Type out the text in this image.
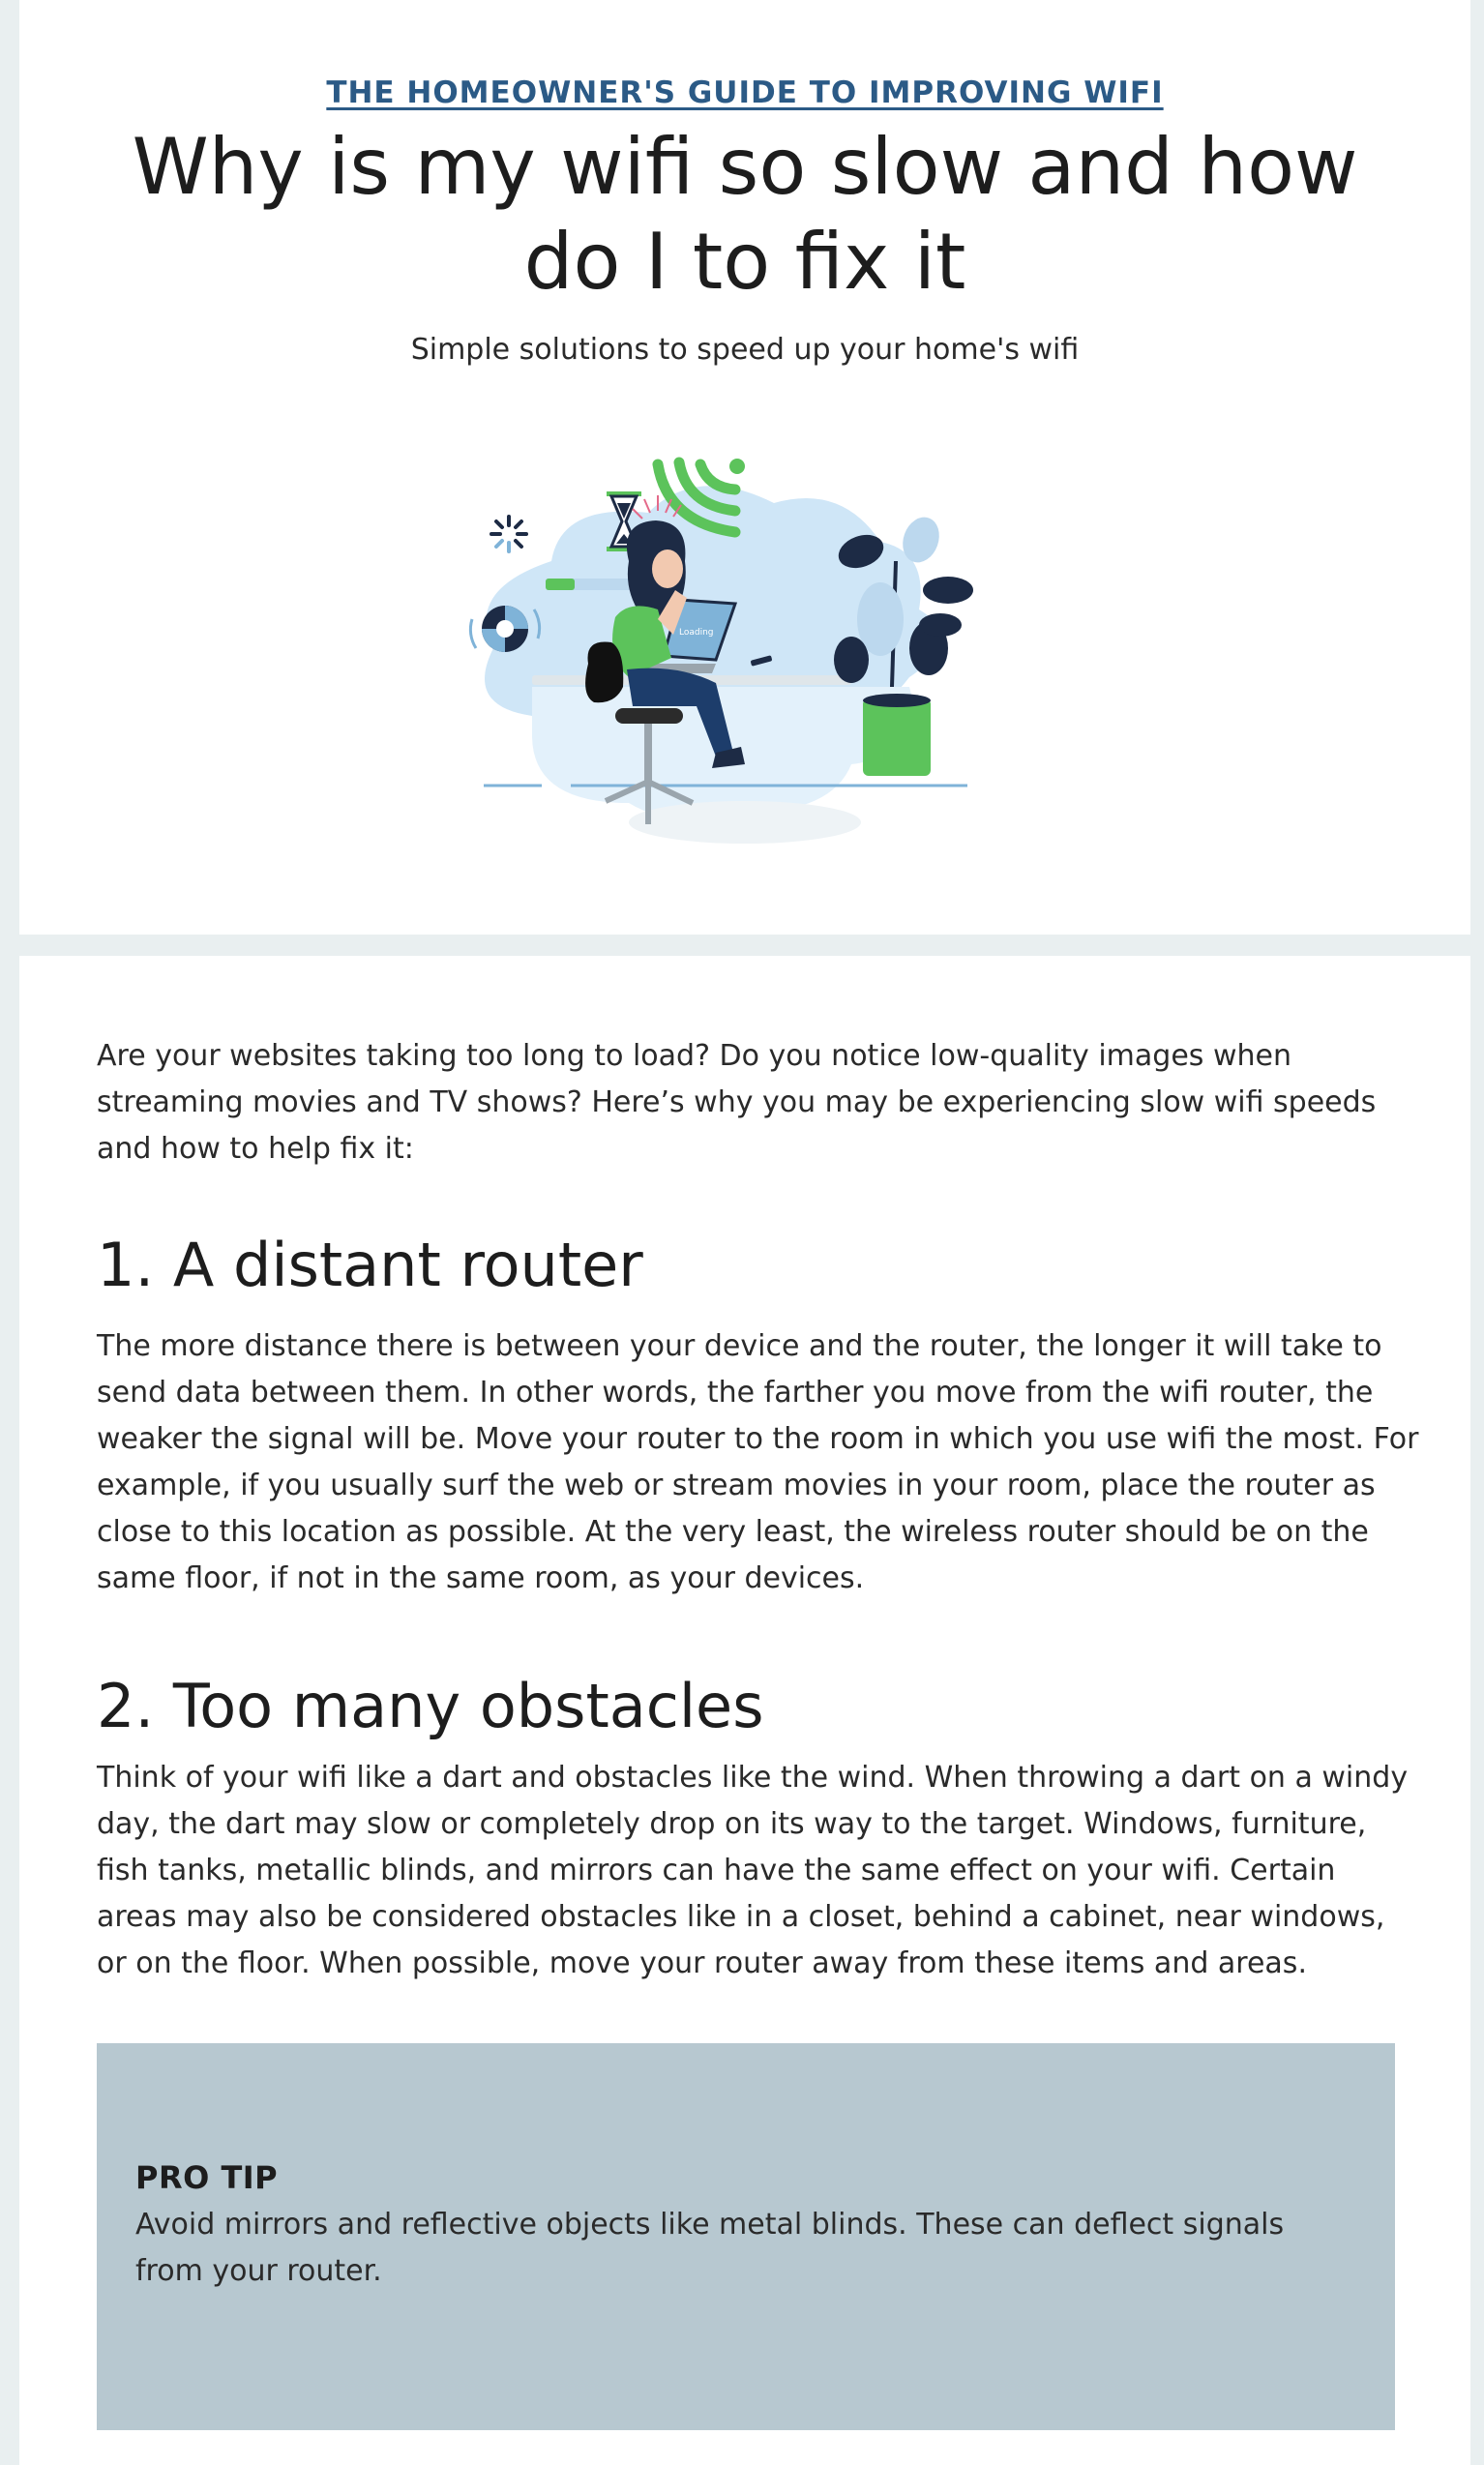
THE HOMEOWNER'S GUIDE TO IMPROVING WIFI
Why is my wifi so slow and how do I to fix it
Simple solutions to speed up your home's wifi
Loading

Are your websites taking too long to load? Do you notice low-quality images when streaming movies and TV shows? Here’s why you may be experiencing slow wifi speeds and how to help fix it:

1. A distant router

The more distance there is between your device and the router, the longer it will take to send data between them. In other words, the farther you move from the wifi router, the weaker the signal will be. Move your router to the room in which you use wifi the most. For example, if you usually surf the web or stream movies in your room, place the router as close to this location as possible. At the very least, the wireless router should be on the same floor, if not in the same room, as your devices.

2. Too many obstacles

Think of your wifi like a dart and obstacles like the wind. When throwing a dart on a windy day, the dart may slow or completely drop on its way to the target. Windows, furniture, fish tanks, metallic blinds, and mirrors can have the same effect on your wifi. Certain areas may also be considered obstacles like in a closet, behind a cabinet, near windows, or on the floor. When possible, move your router away from these items and areas.

PRO TIP

Avoid mirrors and reflective objects like metal blinds. These can deflect signals from your router.
